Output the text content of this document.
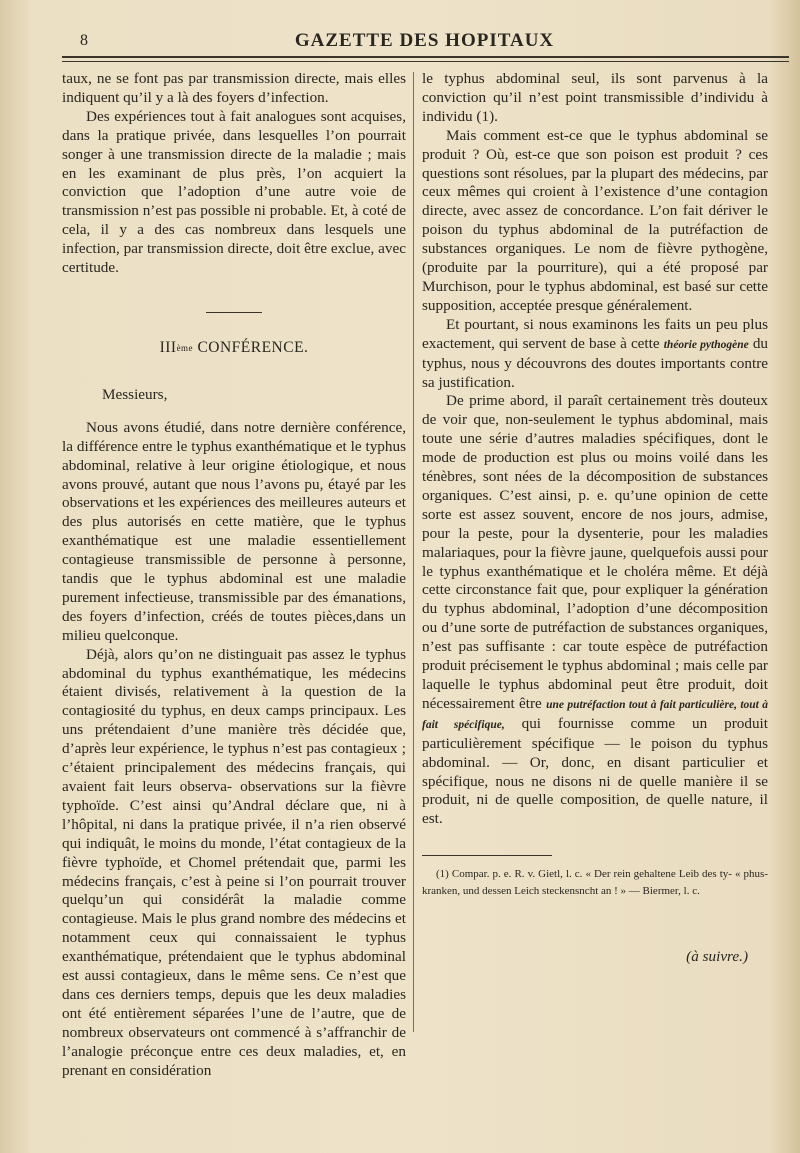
8	GAZETTE DES HOPITAUX

taux, ne se font pas par transmission directe, mais elles indiquent qu’il y a là des foyers d’infection.

Des expériences tout à fait analogues sont acquises, dans la pratique privée, dans lesquelles l’on pourrait songer à une transmission directe de la maladie ; mais en les examinant de plus près, l’on acquiert la conviction que l’adoption d’une autre voie de transmission n’est pas possible ni probable. Et, à coté de cela, il y a des cas nombreux dans lesquels une infection, par transmission directe, doit être exclue, avec certitude.

IIIème CONFÉRENCE.
Messieurs,

Nous avons étudié, dans notre dernière conférence, la différence entre le typhus exanthématique et le typhus abdominal, relative à leur origine étiologique, et nous avons prouvé, autant que nous l’avons pu, étayé par les observations et les expériences des meilleures auteurs et des plus autorisés en cette matière, que le typhus exanthématique est une maladie essentiellement contagieuse transmissible de personne à personne, tandis que le typhus abdominal est une maladie purement infectieuse, transmissible par des émanations, des foyers d’infection, créés de toutes pièces,dans un milieu quelconque.

Déjà, alors qu’on ne distinguait pas assez le typhus abdominal du typhus exanthématique, les médecins étaient divisés, relativement à la question de la contagiosité du typhus, en deux camps principaux. Les uns prétendaient d’une manière très décidée que, d’après leur expérience, le typhus n’est pas contagieux ; c’étaient principalement des médecins français, qui avaient fait leurs observa- observations sur la fièvre typhoïde. C’est ainsi qu’Andral déclare que, ni à l’hôpital, ni dans la pratique privée, il n’a rien observé qui indiquât, le moins du monde, l’état contagieux de la fièvre typhoïde, et Chomel prétendait que, parmi les médecins français, c’est à peine si l’on pourrait trouver quelqu’un qui considérât la maladie comme contagieuse. Mais le plus grand nombre des médecins et notamment ceux qui connaissaient le typhus exanthématique, prétendaient que le typhus abdominal est aussi contagieux, dans le même sens. Ce n’est que dans ces derniers temps, depuis que les deux maladies ont été entièrement séparées l’une de l’autre, que de nombreux observateurs ont commencé à s’affranchir de l’analogie préconçue entre ces deux maladies, et, en prenant en considération

le typhus abdominal seul, ils sont parvenus à la conviction qu’il n’est point transmissible d’individu à individu (1).

Mais comment est-ce que le typhus abdominal se produit ? Où, est-ce que son poison est produit ? ces questions sont résolues, par la plupart des médecins, par ceux mêmes qui croient à l’existence d’une contagion directe, avec assez de concordance. L’on fait dériver le poison du typhus abdominal de la putréfaction de substances organiques. Le nom de fièvre pythogène, (produite par la pourriture), qui a été proposé par Murchison, pour le typhus abdominal, est basé sur cette supposition, acceptée presque généralement.

Et pourtant, si nous examinons les faits un peu plus exactement, qui servent de base à cette théorie pythogène du typhus, nous y découvrons des doutes importants contre sa justification.

De prime abord, il paraît certainement très douteux de voir que, non-seulement le typhus abdominal, mais toute une série d’autres maladies spécifiques, dont le mode de production est plus ou moins voilé dans les ténèbres, sont nées de la décomposition de substances organiques. C’est ainsi, p. e. qu’une opinion de cette sorte est assez souvent, encore de nos jours, admise, pour la peste, pour la dysenterie, pour les maladies malariaques, pour la fièvre jaune, quelquefois aussi pour le typhus exanthématique et le choléra même. Et déjà cette circonstance fait que, pour expliquer la génération du typhus abdominal, l’adoption d’une décomposition ou d’une sorte de putréfaction de substances organiques, n’est pas suffisante : car toute espèce de putréfaction produit précisement le typhus abdominal ; mais celle par laquelle le typhus abdominal peut être produit, doit nécessairement être une putréfaction tout à fait particulière, tout à fait spécifique, qui fournisse comme un produit particulièrement spécifique — le poison du typhus abdominal. — Or, donc, en disant particulier et spécifique, nous ne disons ni de quelle manière il se produit, ni de quelle composition, de quelle nature, il est.

(1) Compar. p. e. R. v. Gietl, l. c. « Der rein gehaltene Leib des ty- « phus-kranken, und dessen Leich steckensncht an ! » — Biermer, l. c.

(à suivre.)
